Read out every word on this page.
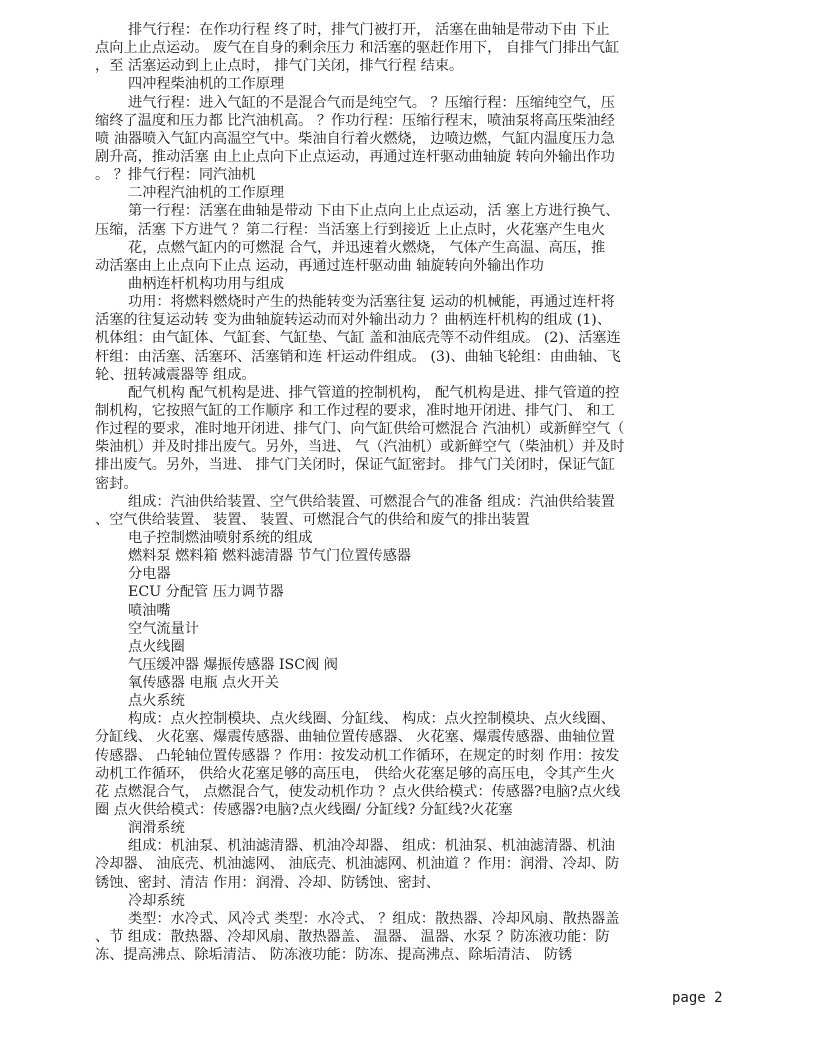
排气行程：在作功行程 终了时，排气门被打开， 活塞在曲轴是带动下由 下止
点向上止点运动。 废气在自身的剩余压力 和活塞的驱赶作用下， 自排气门排出气缸
，至 活塞运动到上止点时， 排气门关闭，排气行程 结束。
四冲程柴油机的工作原理
进气行程：进入气缸的不是混合气而是纯空气。 ？压缩行程：压缩纯空气，压
缩终了温度和压力都 比汽油机高。 ？作功行程：压缩行程末，喷油泵将高压柴油经
喷 油器喷入气缸内高温空气中。柴油自行着火燃烧， 边喷边燃，气缸内温度压力急
剧升高，推动活塞 由上止点向下止点运动，再通过连杆驱动曲轴旋 转向外输出作功
。 ？排气行程：同汽油机
二冲程汽油机的工作原理
第一行程：活塞在曲轴是带动 下由下止点向上止点运动，活 塞上方进行换气、
压缩，活塞 下方进气 ？第二行程：当活塞上行到接近 上止点时，火花塞产生电火
花，点燃气缸内的可燃混 合气，并迅速着火燃烧， 气体产生高温、高压，推
动活塞由上止点向下止点 运动，再通过连杆驱动曲 轴旋转向外输出作功
曲柄连杆机构功用与组成
功用：将燃料燃烧时产生的热能转变为活塞往复 运动的机械能，再通过连杆将
活塞的往复运动转 变为曲轴旋转运动而对外输出动力 ？曲柄连杆机构的组成 (1)、
机体组：由气缸体、气缸套、气缸垫、气缸 盖和油底壳等不动件组成。 (2)、活塞连
杆组：由活塞、活塞环、活塞销和连 杆运动件组成。 (3)、曲轴飞轮组：由曲轴、飞
轮、扭转减震器等 组成。
配气机构 配气机构是进、排气管道的控制机构， 配气机构是进、排气管道的控
制机构，它按照气缸的工作顺序 和工作过程的要求，准时地开闭进、排气门、 和工
作过程的要求，准时地开闭进、排气门、向气缸供给可燃混合 汽油机）或新鲜空气（
柴油机）并及时排出废气。另外，当进、 气（汽油机）或新鲜空气（柴油机）并及时
排出废气。另外，当进、 排气门关闭时，保证气缸密封。 排气门关闭时，保证气缸
密封。
组成：汽油供给装置、空气供给装置、可燃混合气的准备 组成：汽油供给装置
、空气供给装置、 装置、 装置、可燃混合气的供给和废气的排出装置
电子控制燃油喷射系统的组成
燃料泵 燃料箱 燃料滤清器 节气门位置传感器
分电器
ECU 分配管 压力调节器
喷油嘴
空气流量计
点火线圈
气压缓冲器 爆振传感器 ISC阀 阀
氧传感器 电瓶 点火开关
点火系统
构成：点火控制模块、点火线圈、分缸线、 构成：点火控制模块、点火线圈、
分缸线、 火花塞、爆震传感器、曲轴位置传感器、 火花塞、爆震传感器、曲轴位置
传感器、 凸轮轴位置传感器 ？作用：按发动机工作循环，在规定的时刻 作用：按发
动机工作循环， 供给火花塞足够的高压电， 供给火花塞足够的高压电，令其产生火
花 点燃混合气， 点燃混合气，使发动机作功 ？点火供给模式：传感器?电脑?点火线
圈 点火供给模式：传感器?电脑?点火线圈/ 分缸线? 分缸线?火花塞
润滑系统
组成：机油泵、机油滤清器、机油冷却器、 组成：机油泵、机油滤清器、机油
冷却器、 油底壳、机油滤网、 油底壳、机油滤网、机油道 ？作用：润滑、冷却、防
锈蚀、密封、清洁 作用：润滑、冷却、防锈蚀、密封、
冷却系统
类型：水冷式、风冷式 类型：水冷式、 ？组成：散热器、冷却风扇、散热器盖
、节 组成：散热器、冷却风扇、散热器盖、 温器、 温器、水泵 ？防冻液功能：防
冻、提高沸点、除垢清洁、 防冻液功能：防冻、提高沸点、除垢清洁、 防锈
page 2
